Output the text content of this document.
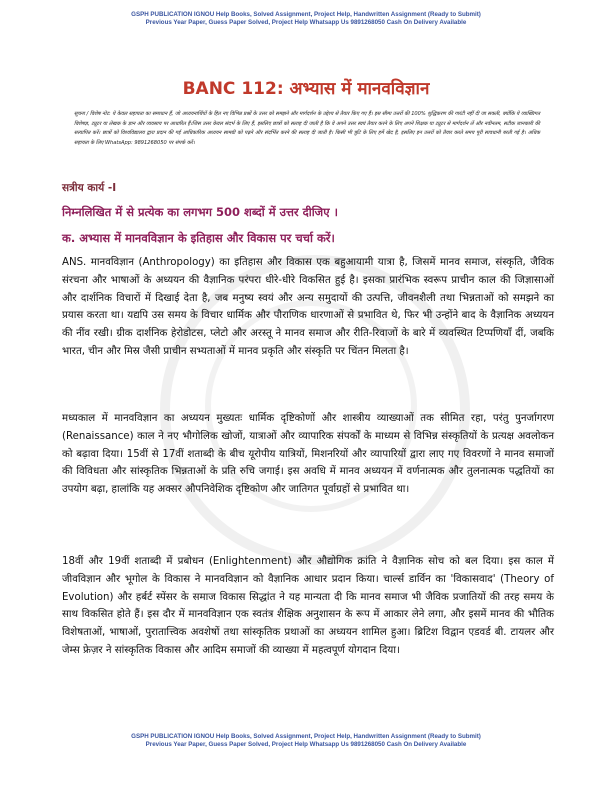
GSPH PUBLICATION IGNOU Help Books, Solved Assignment, Project Help, Handwritten Assignment (Ready to Submit)
Previous Year Paper, Guess Paper Solved, Project Help Whatsapp Us 9891268050 Cash On Delivery Available
BANC 112: अभ्यास में मानवविज्ञान
सूचना / विशेष नोट: ये केवल सहायता का समाधान हैं, जो अध्ययनार्थियों के हित नए विभिन्न प्रश्नों के उत्तर को समझने और मार्गदर्शन के उद्देश्य से तैयार किए गए हैं। इस सीमा उत्तरों की 100% शुद्धिकरण की गारंटी नहीं दी जा सकती, क्योंकि ये व्याख्यिगत विशेषज्ञ, ट्यूटर या लेखक के ज्ञान और व्यवसाय पर आधारित हैं।जिस उत्तर केवल संदर्भ के लिए हैं, इसलिए छात्रों को सलाह दी जाती है कि वे अपने उत्तर स्वयं तैयार करने के लिए अपने शिक्षक या ट्यूटर से मार्गदर्शन लें और नवीनतम, सटीक जानकारी की सत्यापित करें। छात्रों को विश्वविद्यालय द्वारा प्रदान की गई आधिकारिक अध्ययन सामग्री को पढ़ने और संदर्भित करने की सलाह दी जाती है। किसी भी त्रुटि के लिए हमें खेद है, इसलिए इन उत्तरों को तैयार करते समय पूरी सावधानी बरती गई है। अधिक सहायता के लिए WhatsApp: 9891268050 पर संपर्क करें।
सत्रीय कार्य -I
निम्नलिखित में से प्रत्येक का लगभग 500 शब्दों में उत्तर दीजिए ।
क. अभ्यास में मानवविज्ञान के इतिहास और विकास पर चर्चा करें।
ANS. मानवविज्ञान (Anthropology) का इतिहास और विकास एक बहुआयामी यात्रा है, जिसमें मानव समाज, संस्कृति, जैविक संरचना और भाषाओं के अध्ययन की वैज्ञानिक परंपरा धीरे-धीरे विकसित हुई है। इसका प्रारंभिक स्वरूप प्राचीन काल की जिज्ञासाओं और दार्शनिक विचारों में दिखाई देता है, जब मनुष्य स्वयं और अन्य समुदायों की उत्पत्ति, जीवनशैली तथा भिन्नताओं को समझने का प्रयास करता था। यद्यपि उस समय के विचार धार्मिक और पौराणिक धारणाओं से प्रभावित थे, फिर भी उन्होंने बाद के वैज्ञानिक अध्ययन की नींव रखी। ग्रीक दार्शनिक हेरोडोटस, प्लेटो और अरस्तू ने मानव समाज और रीति-रिवाजों के बारे में व्यवस्थित टिप्पणियाँ दीं, जबकि भारत, चीन और मिस्र जैसी प्राचीन सभ्यताओं में मानव प्रकृति और संस्कृति पर चिंतन मिलता है।
मध्यकाल में मानवविज्ञान का अध्ययन मुख्यतः धार्मिक दृष्टिकोणों और शास्त्रीय व्याख्याओं तक सीमित रहा, परंतु पुनर्जागरण (Renaissance) काल ने नए भौगोलिक खोजों, यात्राओं और व्यापारिक संपर्कों के माध्यम से विभिन्न संस्कृतियों के प्रत्यक्ष अवलोकन को बढ़ावा दिया। 15वीं से 17वीं शताब्दी के बीच यूरोपीय यात्रियों, मिशनरियों और व्यापारियों द्वारा लाए गए विवरणों ने मानव समाजों की विविधता और सांस्कृतिक भिन्नताओं के प्रति रुचि जगाई। इस अवधि में मानव अध्ययन में वर्णनात्मक और तुलनात्मक पद्धतियों का उपयोग बढ़ा, हालांकि यह अक्सर औपनिवेशिक दृष्टिकोण और जातिगत पूर्वाग्रहों से प्रभावित था।
18वीं और 19वीं शताब्दी में प्रबोधन (Enlightenment) और औद्योगिक क्रांति ने वैज्ञानिक सोच को बल दिया। इस काल में जीवविज्ञान और भूगोल के विकास ने मानवविज्ञान को वैज्ञानिक आधार प्रदान किया। चार्ल्स डार्विन का 'विकासवाद' (Theory of Evolution) और हर्बर्ट स्पेंसर के समाज विकास सिद्धांत ने यह मान्यता दी कि मानव समाज भी जैविक प्रजातियों की तरह समय के साथ विकसित होते हैं। इस दौर में मानवविज्ञान एक स्वतंत्र शैक्षिक अनुशासन के रूप में आकार लेने लगा, और इसमें मानव की भौतिक विशेषताओं, भाषाओं, पुरातात्त्विक अवशेषों तथा सांस्कृतिक प्रथाओं का अध्ययन शामिल हुआ। ब्रिटिश विद्वान एडवर्ड बी. टायलर और जेम्स फ्रेज़र ने सांस्कृतिक विकास और आदिम समाजों की व्याख्या में महत्वपूर्ण योगदान दिया।
GSPH PUBLICATION IGNOU Help Books, Solved Assignment, Project Help, Handwritten Assignment (Ready to Submit)
Previous Year Paper, Guess Paper Solved, Project Help Whatsapp Us 9891268050 Cash On Delivery Available
